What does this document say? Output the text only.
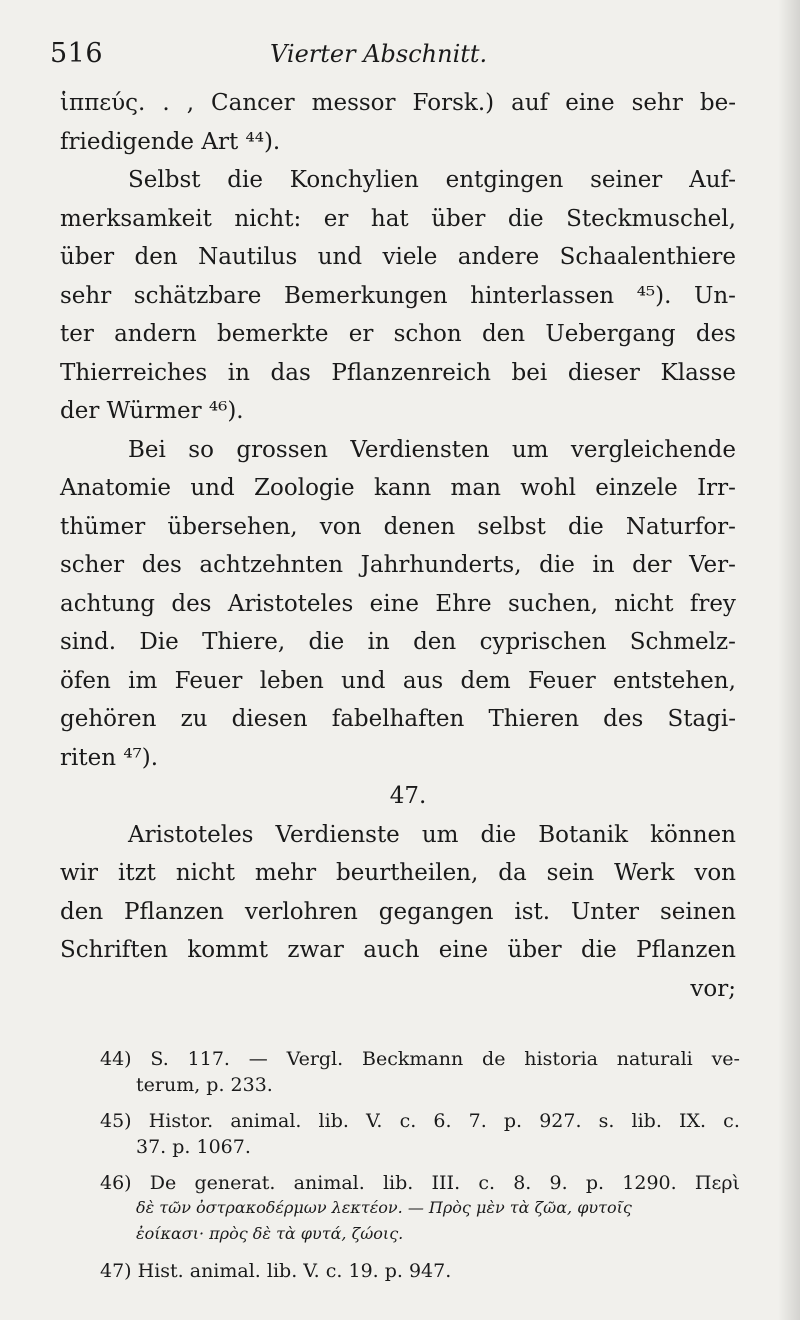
516	Vierter Abschnitt.
ἱππεύς. . , Cancer messor Forsk.) auf eine sehr be-
friedigende Art ⁴⁴).
Selbst die Konchylien entgingen seiner Auf-
merksamkeit nicht: er hat über die Steckmuschel,
über den Nautilus und viele andere Schaalenthiere
sehr schätzbare Bemerkungen hinterlassen ⁴⁵). Un-
ter andern bemerkte er schon den Uebergang des
Thierreiches in das Pflanzenreich bei dieser Klasse
der Würmer ⁴⁶).
Bei so grossen Verdiensten um vergleichende
Anatomie und Zoologie kann man wohl einzele Irr-
thümer übersehen, von denen selbst die Naturfor-
scher des achtzehnten Jahrhunderts, die in der Ver-
achtung des Aristoteles eine Ehre suchen, nicht frey
sind. Die Thiere, die in den cyprischen Schmelz-
öfen im Feuer leben und aus dem Feuer entstehen,
gehören zu diesen fabelhaften Thieren des Stagi-
riten ⁴⁷).
47.
Aristoteles Verdienste um die Botanik können
wir itzt nicht mehr beurtheilen, da sein Werk von
den Pflanzen verlohren gegangen ist. Unter seinen
Schriften kommt zwar auch eine über die Pflanzen
vor;
44) S. 117. — Vergl. Beckmann de historia naturali ve-
terum, p. 233.
45) Histor. animal. lib. V. c. 6. 7. p. 927. s. lib. IX. c.
37. p. 1067.
46) De generat. animal. lib. III. c. 8. 9. p. 1290. Περὶ
δὲ τῶν ὀστρακοδέρμων λεκτέον. — Πρὸς μὲν τὰ ζῶα, φυτοῖς
ἐοίκασι· πρὸς δὲ τὰ φυτά, ζώοις.
47) Hist. animal. lib. V. c. 19. p. 947.
